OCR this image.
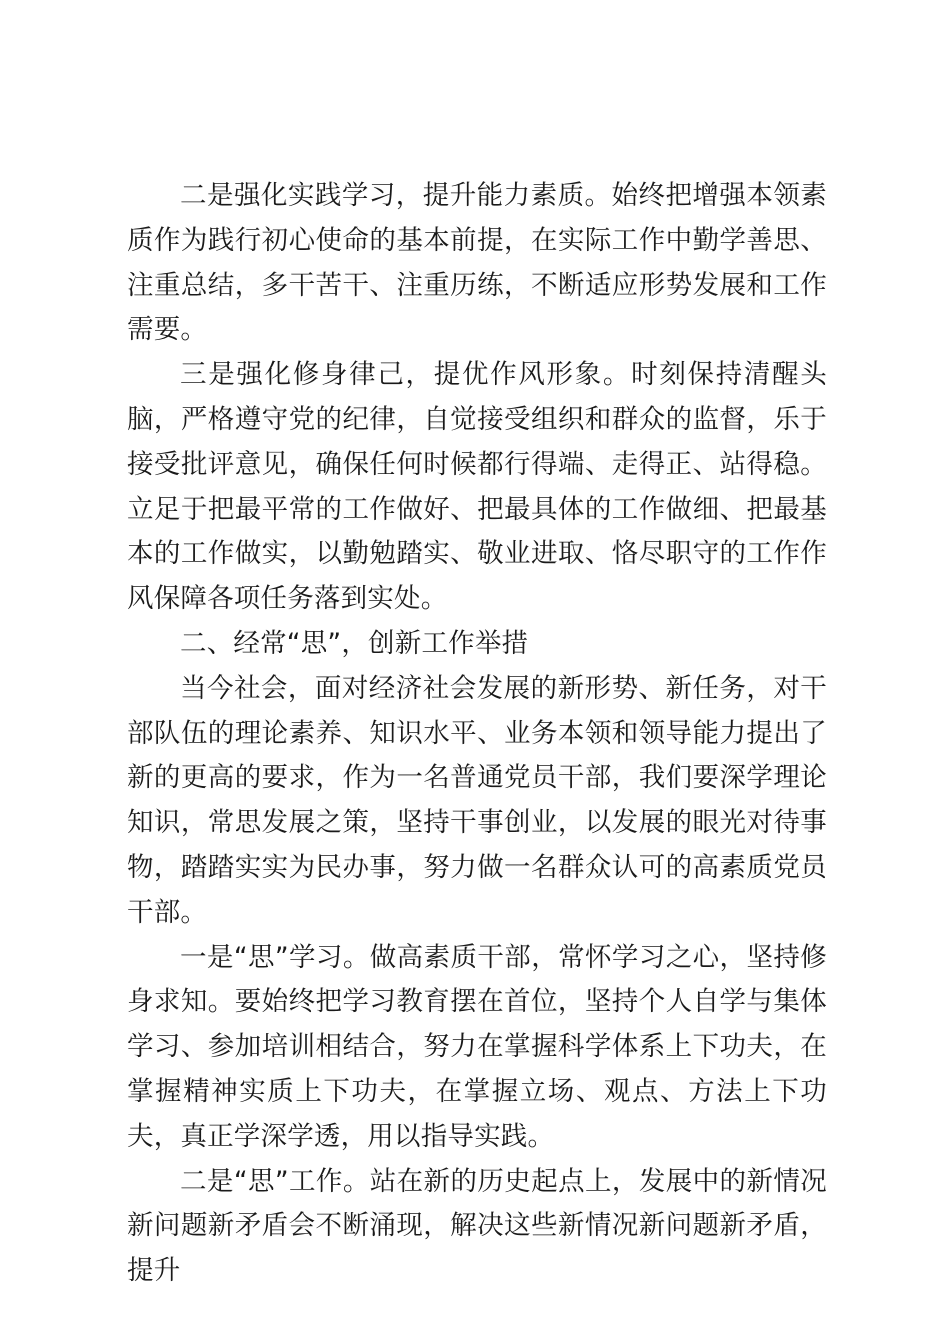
二是强化实践学习，提升能力素质。始终把增强本领素质作为践行初心使命的基本前提，在实际工作中勤学善思、注重总结，多干苦干、注重历练，不断适应形势发展和工作需要。

三是强化修身律己，提优作风形象。时刻保持清醒头脑，严格遵守党的纪律，自觉接受组织和群众的监督，乐于接受批评意见，确保任何时候都行得端、走得正、站得稳。立足于把最平常的工作做好、把最具体的工作做细、把最基本的工作做实，以勤勉踏实、敬业进取、恪尽职守的工作作风保障各项任务落到实处。

二、经常“思”，创新工作举措

当今社会，面对经济社会发展的新形势、新任务，对干部队伍的理论素养、知识水平、业务本领和领导能力提出了新的更高的要求，作为一名普通党员干部，我们要深学理论知识，常思发展之策，坚持干事创业，以发展的眼光对待事物，踏踏实实为民办事，努力做一名群众认可的高素质党员干部。

一是“思”学习。做高素质干部，常怀学习之心，坚持修身求知。要始终把学习教育摆在首位，坚持个人自学与集体学习、参加培训相结合，努力在掌握科学体系上下功夫，在掌握精神实质上下功夫，在掌握立场、观点、方法上下功夫，真正学深学透，用以指导实践。

二是“思”工作。站在新的历史起点上，发展中的新情况新问题新矛盾会不断涌现，解决这些新情况新问题新矛盾，提升
